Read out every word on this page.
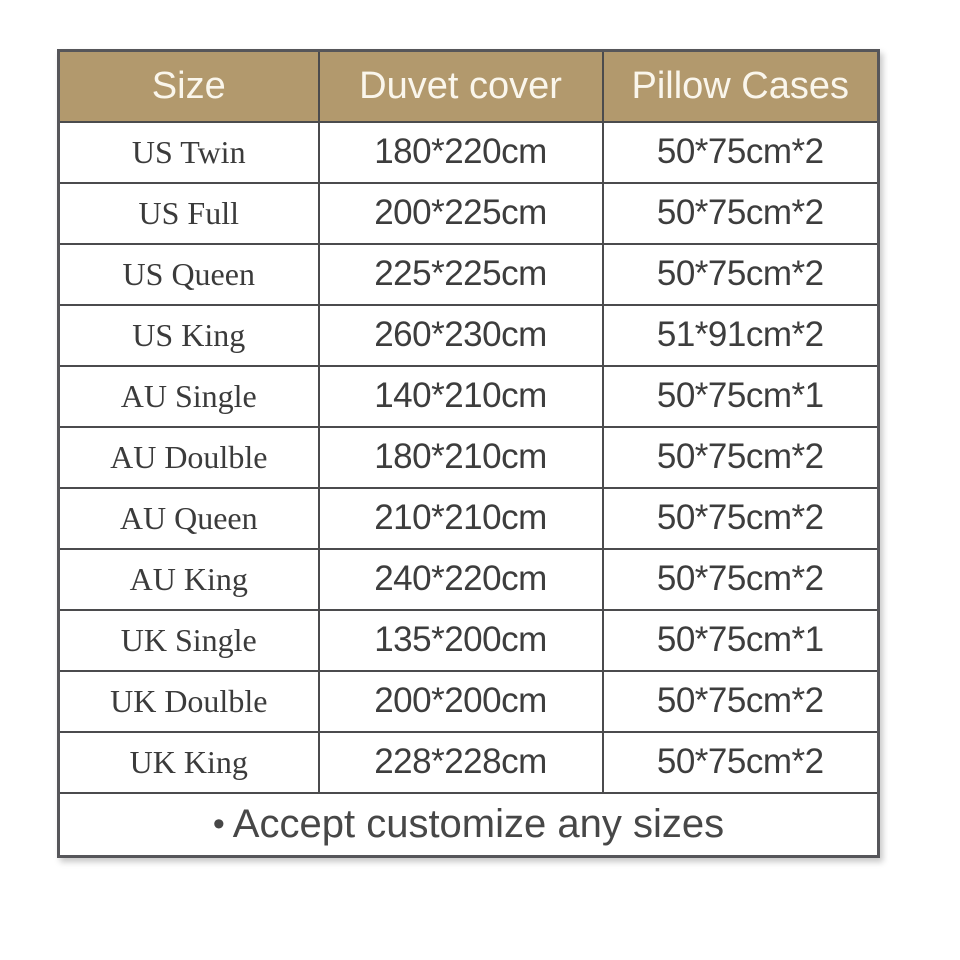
Size	Duvet cover	Pillow Cases
US Twin	180*220cm	50*75cm*2
US Full	200*225cm	50*75cm*2
US Queen	225*225cm	50*75cm*2
US King	260*230cm	51*91cm*2
AU Single	140*210cm	50*75cm*1
AU Doulble	180*210cm	50*75cm*2
AU Queen	210*210cm	50*75cm*2
AU King	240*220cm	50*75cm*2
UK Single	135*200cm	50*75cm*1
UK Doulble	200*200cm	50*75cm*2
UK King	228*228cm	50*75cm*2
• Accept customize any sizes		
